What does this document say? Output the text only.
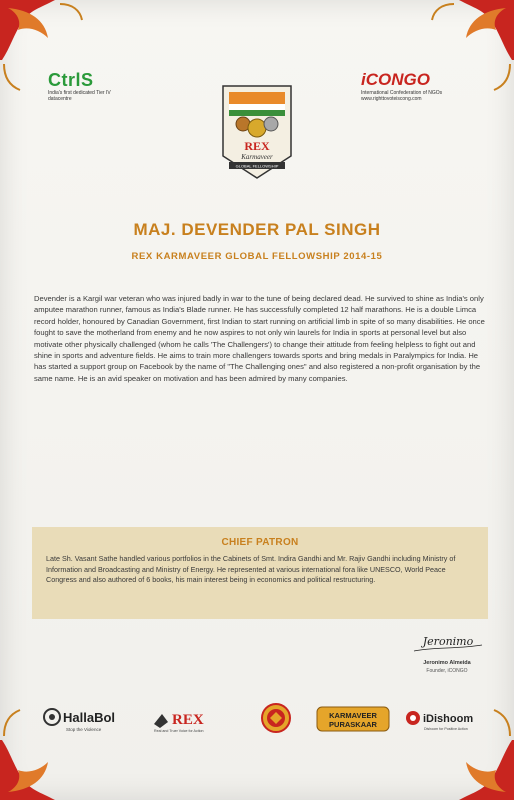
CtrlS
India's first dedicated Tier IV datacentre
iCONGO
International Confederation of NGOs
www.righttovoteiscong.com
REX
Karmaveer
GLOBAL FELLOWSHIP
MAJ. DEVENDER PAL SINGH
REX KARMAVEER GLOBAL FELLOWSHIP 2014-15
Devender is a Kargil war veteran who was injured badly in war to the tune of being declared dead. He survived to shine as India's only amputee marathon runner, famous as India's Blade runner. He has successfully completed 12 half marathons. He is a double Limca record holder, honoured by Canadian Government, first Indian to start running on artificial limb in spite of so many disabilities. He once fought to save the motherland from enemy and he now aspires to not only win laurels for India in sports at personal level but also motivate other physically challenged (whom he calls 'The Challengers') to change their attitude from feeling helpless to fight out and shine in sports and adventure fields. He aims to train more challengers towards sports and bring medals in Paralympics for India. He has started a support group on Facebook by the name of "The Challenging ones" and also registered a non-profit organisation by the same name. He is an avid speaker on motivation and has been admired by many companies.
CHIEF PATRON
Late Sh. Vasant Sathe handled various portfolios in the Cabinets of Smt. Indira Gandhi and Mr. Rajiv Gandhi including Ministry of Information and Broadcasting and Ministry of Energy. He represented at various international fora like UNESCO, World Peace Congress and also authored of 6 books, his main interest being in economics and political restructuring.
Jeronimo
Jeronimo Almeida
Founder, iCONGO
HallaBol
Stop the Violence
REX
Real and Truer Voice for Action
KARMAVEER
PURASKAAR	iDishoom
Dishoom for Positive Action
